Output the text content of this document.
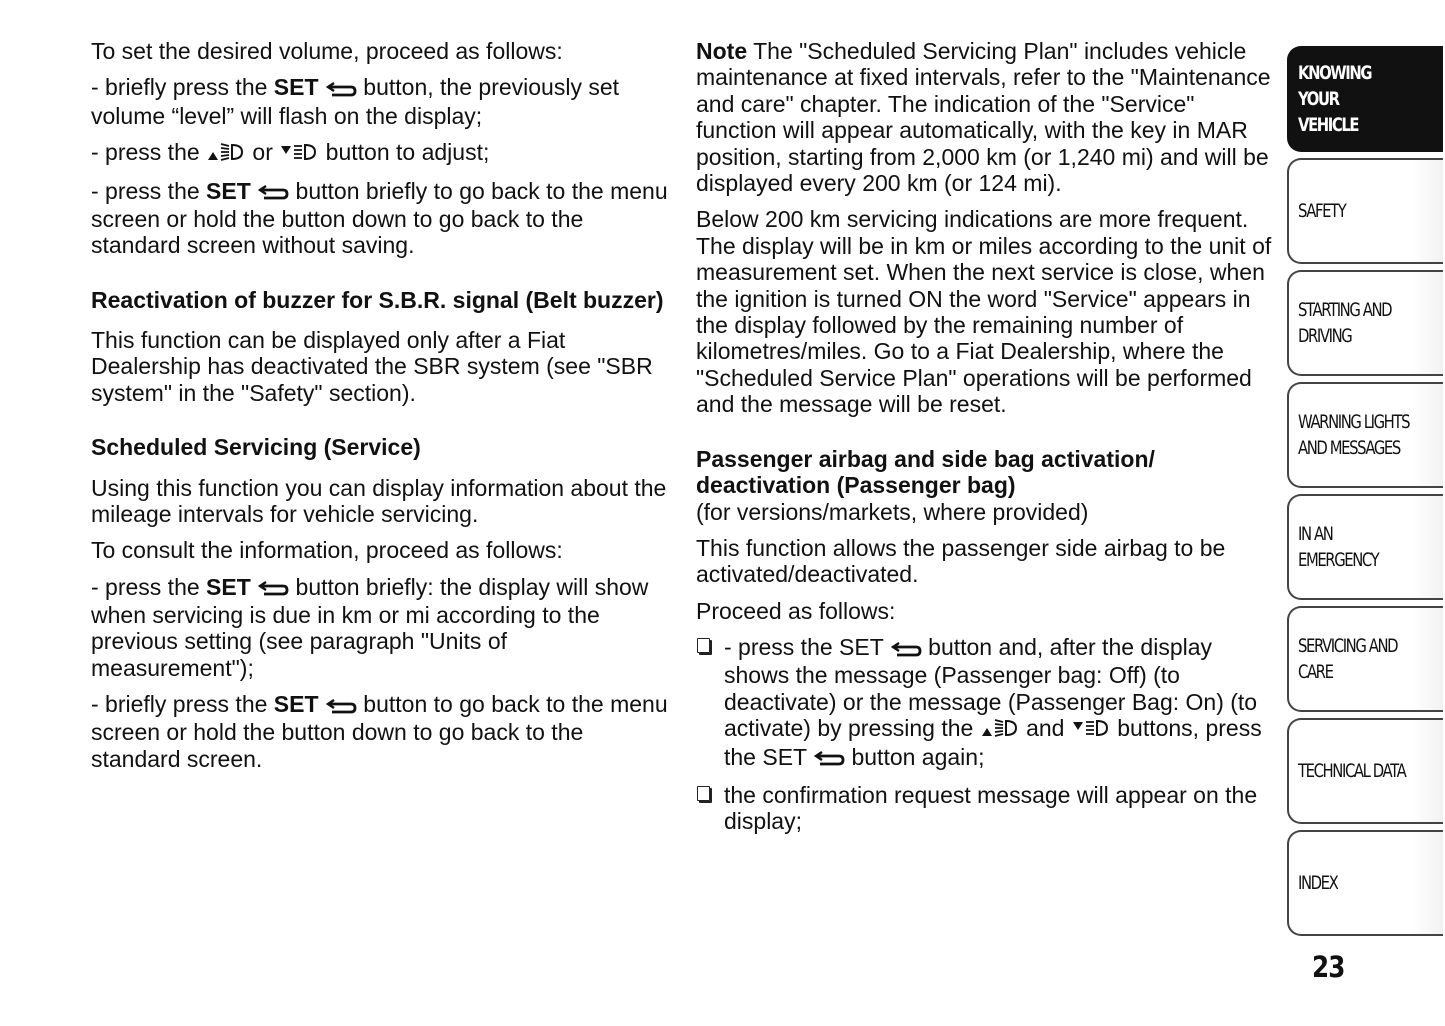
To set the desired volume, proceed as follows:

- briefly press the SET  button, the previously set volume “level” will flash on the display;

- press the  or  button to adjust;

- press the SET  button briefly to go back to the menu screen or hold the button down to go back to the standard screen without saving.

Reactivation of buzzer for S.B.R. signal (Belt buzzer)

This function can be displayed only after a Fiat Dealership has deactivated the SBR system (see "SBR system" in the "Safety" section).

Scheduled Servicing (Service)

Using this function you can display information about the mileage intervals for vehicle servicing.

To consult the information, proceed as follows:

- press the SET  button briefly: the display will show when servicing is due in km or mi according to the previous setting (see paragraph "Units of measurement");

- briefly press the SET  button to go back to the menu screen or hold the button down to go back to the standard screen.

Note The "Scheduled Servicing Plan" includes vehicle maintenance at fixed intervals, refer to the "Maintenance and care" chapter. The indication of the "Service" function will appear automatically, with the key in MAR position, starting from 2,000 km (or 1,240 mi) and will be displayed every 200 km (or 124 mi).

Below 200 km servicing indications are more frequent. The display will be in km or miles according to the unit of measurement set. When the next service is close, when the ignition is turned ON the word "Service" appears in the display followed by the remaining number of kilometres/miles. Go to a Fiat Dealership, where the "Scheduled Service Plan" operations will be performed and the message will be reset.

Passenger airbag and side bag activation/ deactivation (Passenger bag)

(for versions/markets, where provided)

This function allows the passenger side airbag to be activated/deactivated.

Proceed as follows:

- press the SET  button and, after the display shows the message (Passenger bag: Off) (to deactivate) or the message (Passenger Bag: On) (to activate) by pressing the  and  buttons, press the SET  button again;
the confirmation request message will appear on the display;
KNOWING YOUR
VEHICLE
SAFETY
STARTING AND
DRIVING
WARNING LIGHTS
AND MESSAGES
IN AN EMERGENCY
SERVICING AND
CARE
TECHNICAL DATA
INDEX
23
